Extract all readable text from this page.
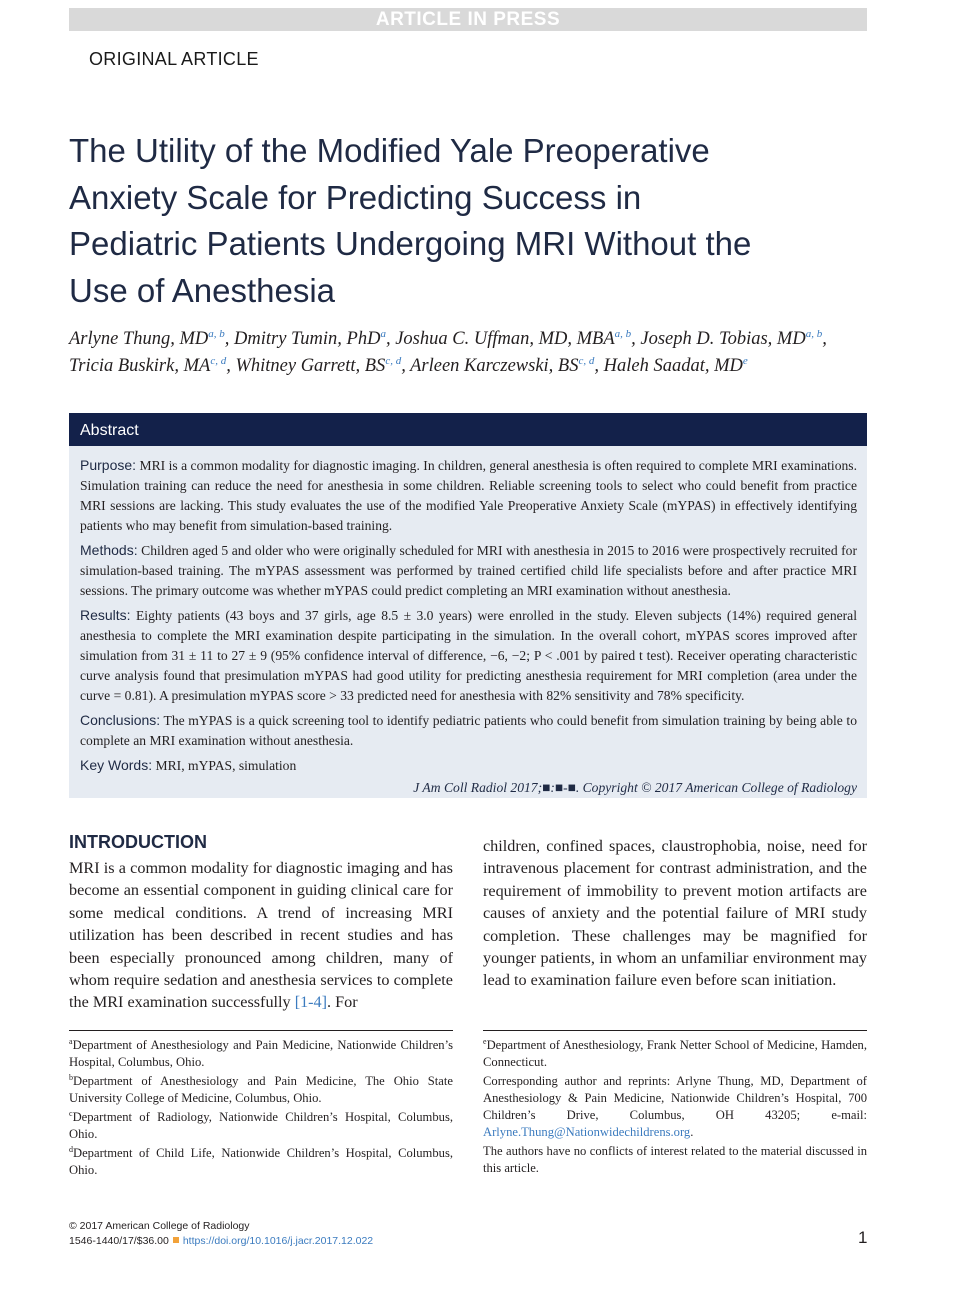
ARTICLE IN PRESS
ORIGINAL ARTICLE
The Utility of the Modified Yale Preoperative Anxiety Scale for Predicting Success in Pediatric Patients Undergoing MRI Without the Use of Anesthesia
Arlyne Thung, MD$^{a, b}$, Dmitry Tumin, PhD$^a$, Joshua C. Uffman, MD, MBA$^{a, b}$, Joseph D. Tobias, MD$^{a, b}$,
Tricia Buskirk, MA$^{c, d}$, Whitney Garrett, BS$^{c, d}$, Arleen Karczewski, BS$^{c, d}$, Haleh Saadat, MDe
Abstract

Purpose: MRI is a common modality for diagnostic imaging. In children, general anesthesia is often required to complete MRI examinations. Simulation training can reduce the need for anesthesia in some children. Reliable screening tools to select who could benefit from practice MRI sessions are lacking. This study evaluates the use of the modified Yale Preoperative Anxiety Scale (mYPAS) in effectively identifying patients who may benefit from simulation-based training.

Methods: Children aged 5 and older who were originally scheduled for MRI with anesthesia in 2015 to 2016 were prospectively recruited for simulation-based training. The mYPAS assessment was performed by trained certified child life specialists before and after practice MRI sessions. The primary outcome was whether mYPAS could predict completing an MRI examination without anesthesia.

Results: Eighty patients (43 boys and 37 girls, age 8.5 ± 3.0 years) were enrolled in the study. Eleven subjects (14%) required general anesthesia to complete the MRI examination despite participating in the simulation. In the overall cohort, mYPAS scores improved after simulation from 31 ± 11 to 27 ± 9 (95% confidence interval of difference, −6, −2; P < .001 by paired t test). Receiver operating characteristic curve analysis found that presimulation mYPAS had good utility for predicting anesthesia requirement for MRI completion (area under the curve = 0.81). A presimulation mYPAS score > 33 predicted need for anesthesia with 82% sensitivity and 78% specificity.

Conclusions: The mYPAS is a quick screening tool to identify pediatric patients who could benefit from simulation training by being able to complete an MRI examination without anesthesia.

Key Words: MRI, mYPAS, simulation

J Am Coll Radiol 2017;■:■-■. Copyright © 2017 American College of Radiology

INTRODUCTION

MRI is a common modality for diagnostic imaging and has become an essential component in guiding clinical care for some medical conditions. A trend of increasing MRI utilization has been described in recent studies and has been especially pronounced among children, many of whom require sedation and anesthesia services to complete the MRI examination successfully [1-4]. For

children, confined spaces, claustrophobia, noise, need for intravenous placement for contrast administration, and the requirement of immobility to prevent motion artifacts are causes of anxiety and the potential failure of MRI study completion. These challenges may be magnified for younger patients, in whom an unfamiliar environment may lead to examination failure even before scan initiation.

$^a$Department of Anesthesiology and Pain Medicine, Nationwide Children’s Hospital, Columbus, Ohio.

$^b$Department of Anesthesiology and Pain Medicine, The Ohio State University College of Medicine, Columbus, Ohio.

$^c$Department of Radiology, Nationwide Children’s Hospital, Columbus, Ohio.

$^d$Department of Child Life, Nationwide Children’s Hospital, Columbus, Ohio.

$^e$Department of Anesthesiology, Frank Netter School of Medicine, Hamden, Connecticut.

Corresponding author and reprints: Arlyne Thung, MD, Department of Anesthesiology & Pain Medicine, Nationwide Children’s Hospital, 700 Children’s Drive, Columbus, OH 43205; e-mail: Arlyne.Thung@Nationwidechildrens.org.

The authors have no conflicts of interest related to the material discussed in this article.

© 2017 American College of Radiology
1546-1440/17/$36.00 https://doi.org/10.1016/j.jacr.2017.12.022	1
